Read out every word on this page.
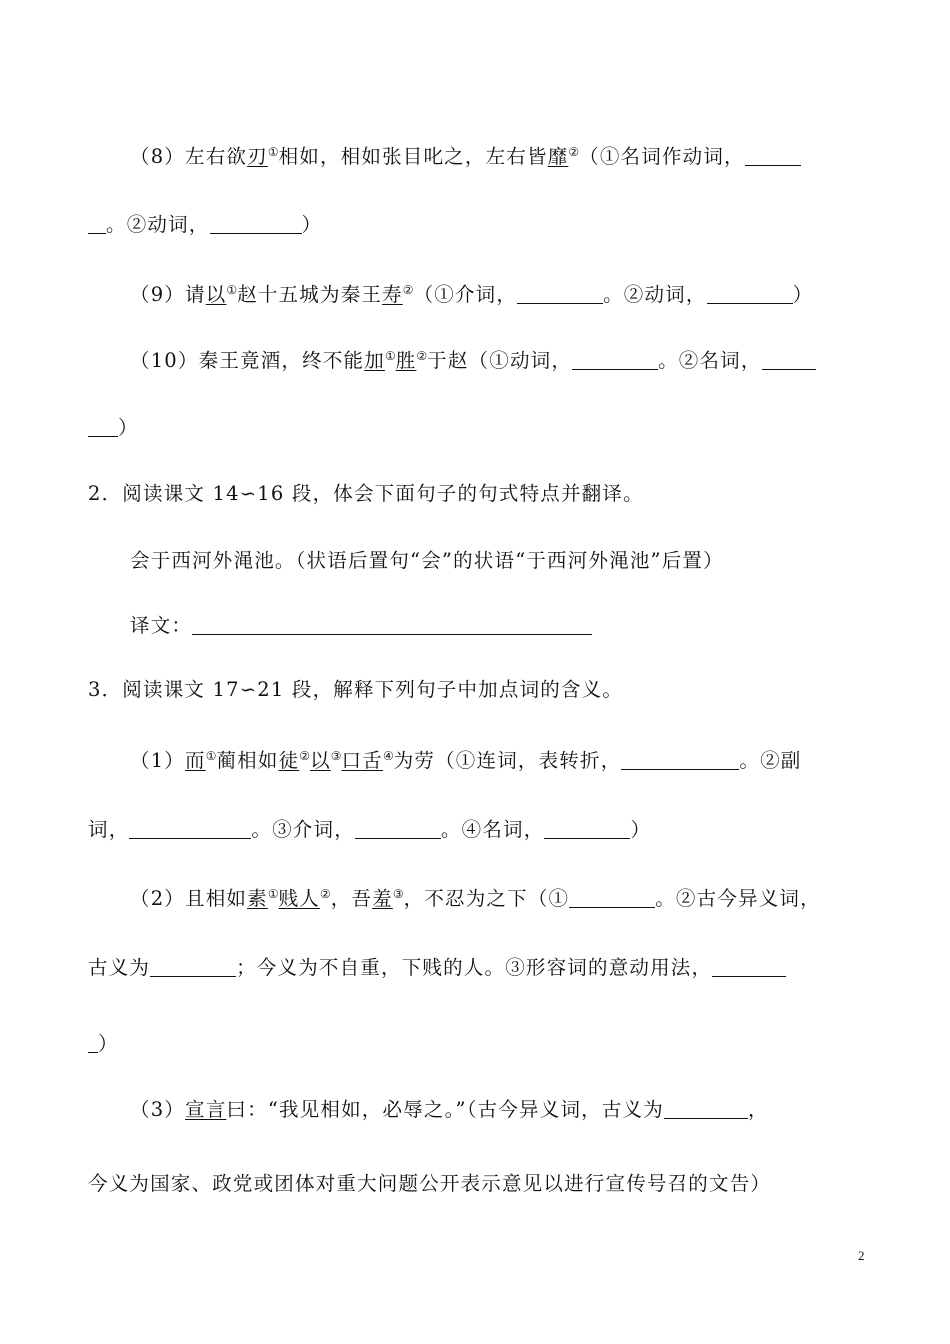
（8）左右欲刃①相如，相如张目叱之，左右皆靡②（①名词作动词，
。②动词，	）
（9）请以①赵十五城为秦王寿②（①介词，	。②动词，	）
（10）秦王竟酒，终不能加①胜②于赵（①动词，	。②名词，
）
2．阅读课文 14∽16 段，体会下面句子的句式特点并翻译。
会于西河外渑池。（状语后置句“会”的状语“于西河外渑池”后置）
译文：
3．阅读课文 17∽21 段，解释下列句子中加点词的含义。
（1）而①蔺相如徒②以③口舌④为劳（①连词，表转折，	。②副
词，	。③介词，	。④名词，	）
（2）且相如素①贱人②，吾羞③，不忍为之下（①	。②古今异义词，
古义为	；今义为不自重，下贱的人。③形容词的意动用法，
）
（3）宣言曰：“我见相如，必辱之。”（古今异义词，古义为	，
今义为国家、政党或团体对重大问题公开表示意见以进行宣传号召的文告）
2
